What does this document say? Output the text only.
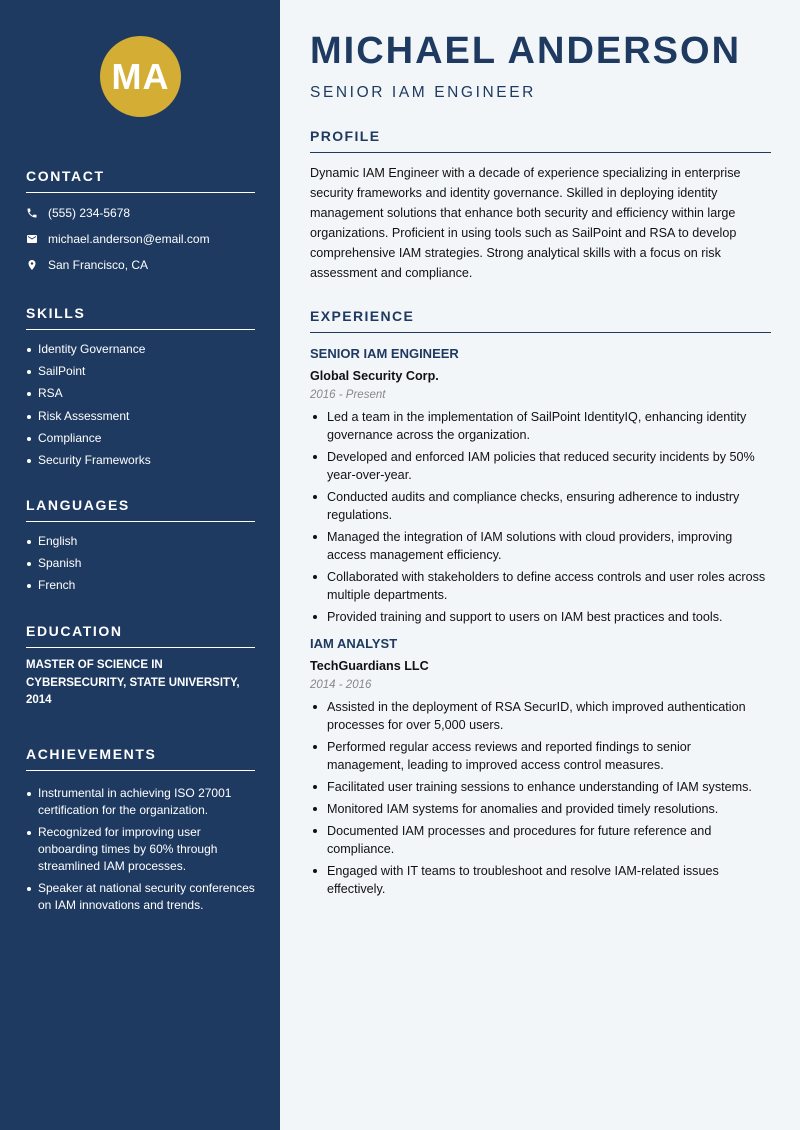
MA
CONTACT
(555) 234-5678
michael.anderson@email.com
San Francisco, CA
SKILLS
Identity Governance
SailPoint
RSA
Risk Assessment
Compliance
Security Frameworks
LANGUAGES
English
Spanish
French
EDUCATION
MASTER OF SCIENCE IN CYBERSECURITY, STATE UNIVERSITY, 2014
ACHIEVEMENTS
Instrumental in achieving ISO 27001 certification for the organization.
Recognized for improving user onboarding times by 60% through streamlined IAM processes.
Speaker at national security conferences on IAM innovations and trends.
MICHAEL ANDERSON
SENIOR IAM ENGINEER
PROFILE
Dynamic IAM Engineer with a decade of experience specializing in enterprise security frameworks and identity governance. Skilled in deploying identity management solutions that enhance both security and efficiency within large organizations. Proficient in using tools such as SailPoint and RSA to develop comprehensive IAM strategies. Strong analytical skills with a focus on risk assessment and compliance.
EXPERIENCE
SENIOR IAM ENGINEER
Global Security Corp.
2016 - Present
Led a team in the implementation of SailPoint IdentityIQ, enhancing identity governance across the organization.
Developed and enforced IAM policies that reduced security incidents by 50% year-over-year.
Conducted audits and compliance checks, ensuring adherence to industry regulations.
Managed the integration of IAM solutions with cloud providers, improving access management efficiency.
Collaborated with stakeholders to define access controls and user roles across multiple departments.
Provided training and support to users on IAM best practices and tools.
IAM ANALYST
TechGuardians LLC
2014 - 2016
Assisted in the deployment of RSA SecurID, which improved authentication processes for over 5,000 users.
Performed regular access reviews and reported findings to senior management, leading to improved access control measures.
Facilitated user training sessions to enhance understanding of IAM systems.
Monitored IAM systems for anomalies and provided timely resolutions.
Documented IAM processes and procedures for future reference and compliance.
Engaged with IT teams to troubleshoot and resolve IAM-related issues effectively.
